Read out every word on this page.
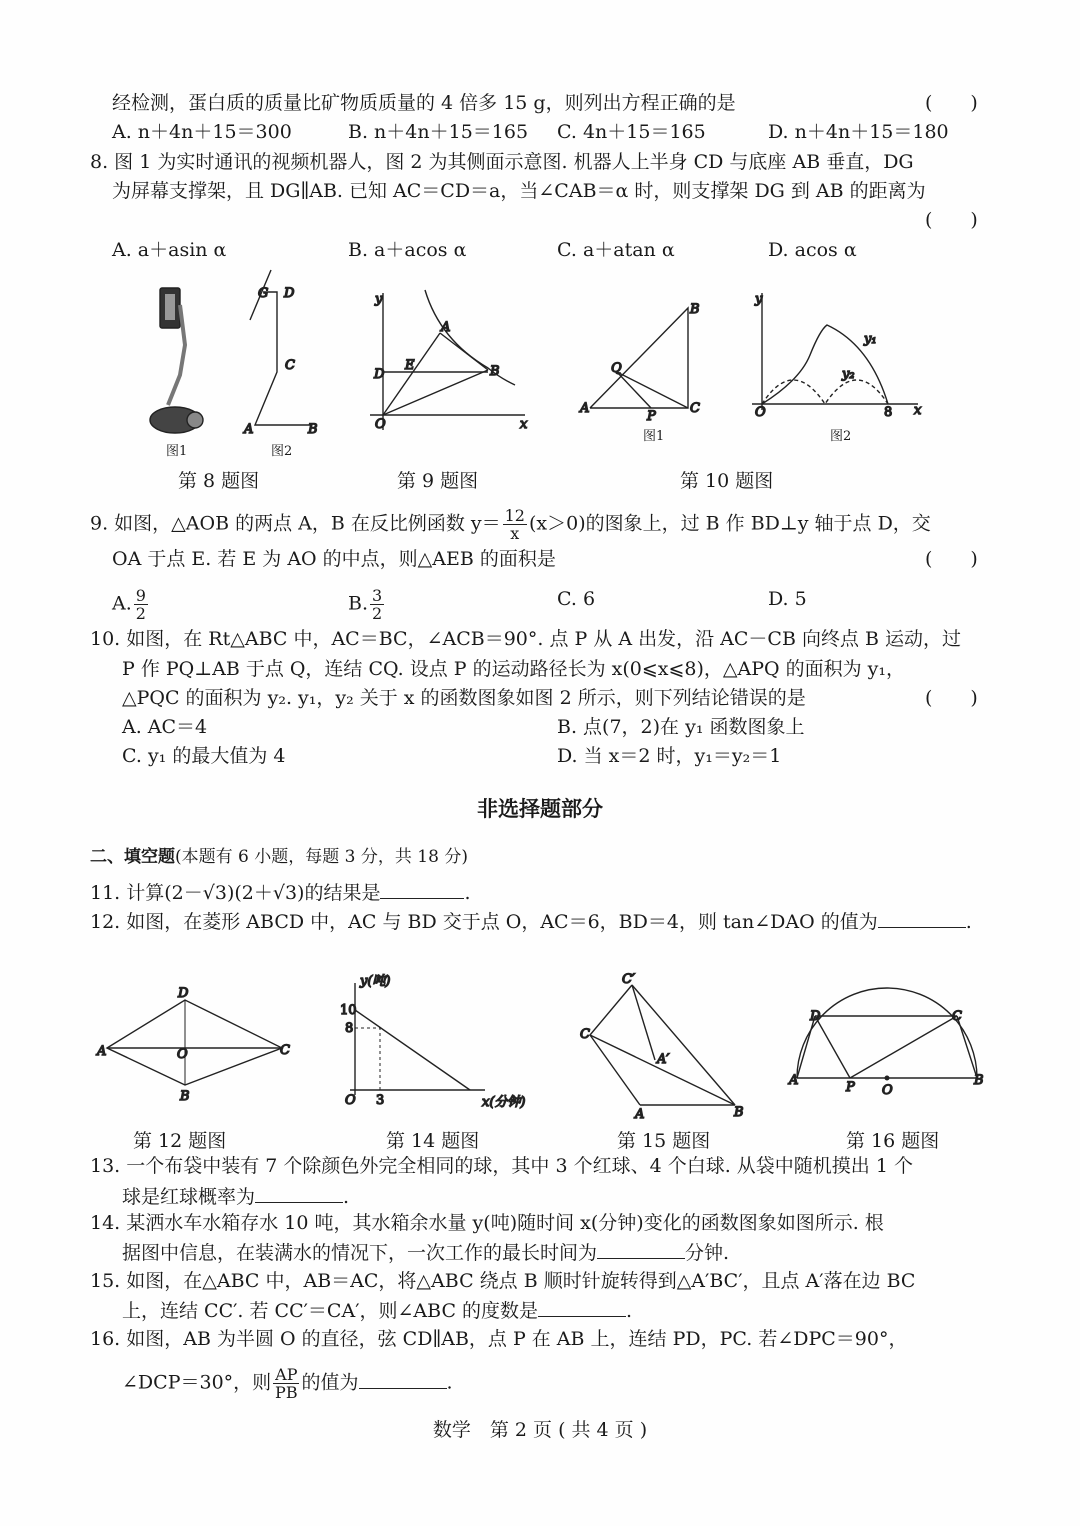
经检测，蛋白质的质量比矿物质质量的 4 倍多 15 g，则列出方程正确的是	(　　)
A. n＋4n＋15＝300	B. n＋4n＋15＝165 C. 4n＋15＝165	D. n＋4n＋15＝180
8. 图 1 为实时通讯的视频机器人，图 2 为其侧面示意图. 机器人上半身 CD 与底座 AB 垂直，DG
为屏幕支撑架，且 DG∥AB. 已知 AC＝CD＝a，当∠CAB＝α 时，则支撑架 DG 到 AB 的距离为
(　　)
A. a＋asin α	B. a＋acos α	C. a＋atan α	D. acos α
图1	图2
图1	图2
第 8 题图	第 9 题图	第 10 题图
9. 如图，△AOB 的两点 A，B 在反比例函数 $y= \frac{12}{x} (x>0)$的图象上，过 B 作 BD⊥y 轴于点 D，交
OA 于点 E. 若 E 为 AO 的中点，则△AEB 的面积是	(　　)
A. $\frac{9}{2}$	B. $\frac{3}{2}$	C. 6	D. 5
10. 如图，在 Rt△ABC 中，AC＝BC，∠ACB＝90°. 点 P 从 A 出发，沿 AC－CB 向终点 B 运动，过
P 作 PQ⊥AB 于点 Q，连结 CQ. 设点 P 的运动路径长为 x(0⩽x⩽8)，△APQ 的面积为 y₁，
△PQC 的面积为 y₂. y₁，y₂ 关于 x 的函数图象如图 2 所示，则下列结论错误的是	(　　)
A. AC＝4	B. 点(7，2)在 y₁ 函数图象上
C. y₁ 的最大值为 4	D. 当 x＝2 时，y₁＝y₂＝1
非选择题部分
二、填空题(本题有 6 小题，每题 3 分，共 18 分)
11. 计算(2－√3)(2＋√3)的结果是	.
12. 如图，在菱形 ABCD 中，AC 与 BD 交于点 O，AC＝6，BD＝4，则 tan∠DAO 的值为	.
第 12 题图	第 14 题图	第 15 题图	第 16 题图
13. 一个布袋中装有 7 个除颜色外完全相同的球，其中 3 个红球、4 个白球. 从袋中随机摸出 1 个
球是红球概率为	.
14. 某洒水车水箱存水 10 吨，其水箱余水量 y(吨)随时间 x(分钟)变化的函数图象如图所示. 根
据图中信息，在装满水的情况下，一次工作的最长时间为	分钟.
15. 如图，在△ABC 中，AB＝AC，将△ABC 绕点 B 顺时针旋转得到△A′BC′，且点 A′落在边 BC
上，连结 CC′. 若 CC′＝CA′，则∠ABC 的度数是	.
16. 如图，AB 为半圆 O 的直径，弦 CD∥AB，点 P 在 AB 上，连结 PD，PC. 若∠DPC＝90°，
∠DCP＝30°，则 $\frac{AP}{PB}$ 的值为	.
数学　第 2 页 ( 共 4 页 )
G D
C
A	B
y
A
E	B
D
O	x
B
Q
A
P
C
y
y₁
y₂
O	8 x
D
A	O	C
B
y(吨)
10
8
O 3	x(分钟)
C′
C
A′
A	B
D	C
A	P O
B
